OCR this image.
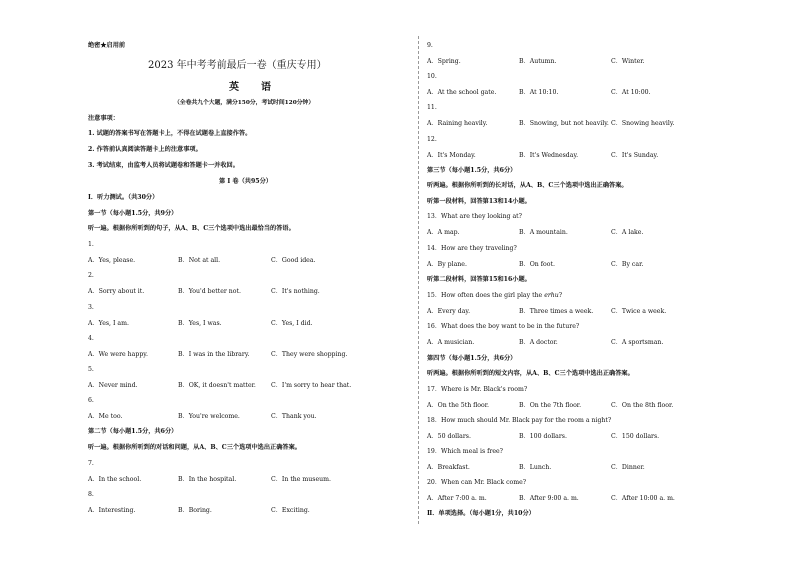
绝密★启用前
2023 年中考考前最后一卷（重庆专用）
英　语
（全卷共九个大题，满分150分，考试时间120分钟）
注意事项：
1. 试题的答案书写在答题卡上，不得在试题卷上直接作答。
2. 作答前认真阅读答题卡上的注意事项。
3. 考试结束，由监考人员将试题卷和答题卡一并收回。
第 I 卷（共95分）
Ⅰ．听力测试。（共30分）
第一节（每小题1.5分，共9分）
听一遍。根据你所听到的句子，从A、B、C三个选项中选出最恰当的答语。
1.
A．Yes, please.	B．Not at all.	C．Good idea.
2.
A．Sorry about it.	B．You'd better not.	C．It's nothing.
3.
A．Yes, I am.	B．Yes, I was.	C．Yes, I did.
4.
A．We were happy.	B．I was in the library.	C．They were shopping.
5.
A．Never mind.	B．OK, it doesn't matter. C．I'm sorry to hear that.
6.
A．Me too.	B．You're welcome.	C．Thank you.
第二节（每小题1.5分，共6分）
听一遍。根据你所听到的对话和问题，从A、B、C三个选项中选出正确答案。
7.
A．In the school.	B．In the hospital.	C．In the museum.
8.
A．Interesting.	B．Boring.	C．Exciting.
9.
A．Spring.	B．Autumn.	C．Winter.
10.
A．At the school gate.	B．At 10:10.	C．At 10:00.
11.
A．Raining heavily.	B．Snowing, but not heavily. C．Snowing heavily.
12.
A．It's Monday.	B．It's Wednesday.	C．It's Sunday.
第三节（每小题1.5分，共6分）
听两遍。根据你所听到的长对话，从A、B、C三个选项中选出正确答案。
听第一段材料，回答第13和14小题。
13．What are they looking at?
A．A map.	B．A mountain.	C．A lake.
14．How are they traveling?
A．By plane.	B．On foot.	C．By car.
听第二段材料，回答第15和16小题。
15．How often does the girl play the erhu?
A．Every day.	B．Three times a week.	C．Twice a week.
16．What does the boy want to be in the future?
A．A musician.	B．A doctor.	C．A sportsman.
第四节（每小题1.5分，共6分）
听两遍。根据你所听到的短文内容，从A、B、C三个选项中选出正确答案。
17．Where is Mr. Black's room?
A．On the 5th floor.	B．On the 7th floor.	C．On the 8th floor.
18．How much should Mr. Black pay for the room a night?
A．50 dollars.	B．100 dollars.	C．150 dollars.
19．Which meal is free?
A．Breakfast.	B．Lunch.	C．Dinner.
20．When can Mr. Black come?
A．After 7:00 a. m.	B．After 9:00 a. m.	C．After 10:00 a. m.
Ⅱ．单项选择。（每小题1分，共10分）
